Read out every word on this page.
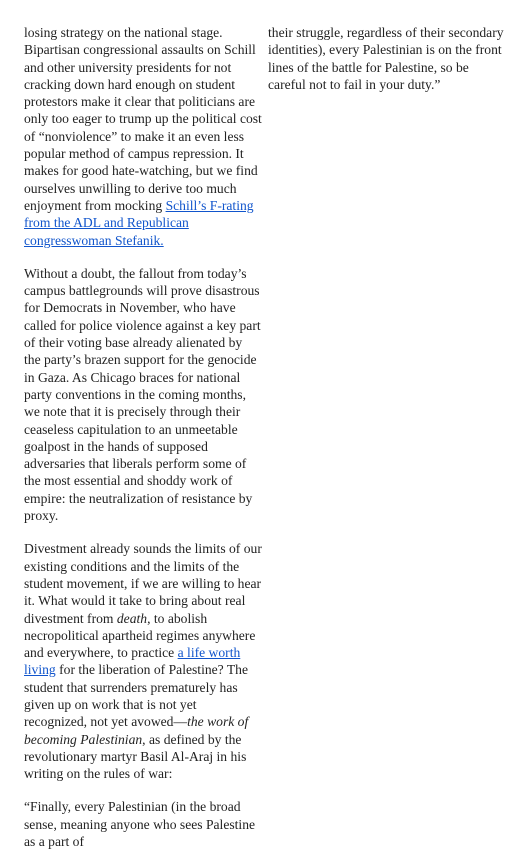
losing strategy on the national stage. Bipartisan congressional assaults on Schill and other university presidents for not cracking down hard enough on student protestors make it clear that politicians are only too eager to trump up the political cost of “nonviolence” to make it an even less popular method of campus repression. It makes for good hate-watching, but we find ourselves unwilling to derive too much enjoyment from mocking Schill’s F-rating from the ADL and Republican congresswoman Stefanik.

Without a doubt, the fallout from today’s campus battlegrounds will prove disastrous for Democrats in November, who have called for police violence against a key part of their voting base already alienated by the party’s brazen support for the genocide in Gaza. As Chicago braces for national party conventions in the coming months, we note that it is precisely through their ceaseless capitulation to an unmeetable goalpost in the hands of supposed adversaries that liberals perform some of the most essential and shoddy work of empire: the neutralization of resistance by proxy.

Divestment already sounds the limits of our existing conditions and the limits of the student movement, if we are willing to hear it. What would it take to bring about real divestment from death, to abolish necropolitical apartheid regimes anywhere and everywhere, to practice a life worth living for the liberation of Palestine? The student that surrenders prematurely has given up on work that is not yet recognized, not yet avowed—the work of becoming Palestinian, as defined by the revolutionary martyr Basil Al-Araj in his writing on the rules of war:

“Finally, every Palestinian (in the broad sense, meaning anyone who sees Palestine as a part of

their struggle, regardless of their secondary identities), every Palestinian is on the front lines of the battle for Palestine, so be careful not to fail in your duty.”
